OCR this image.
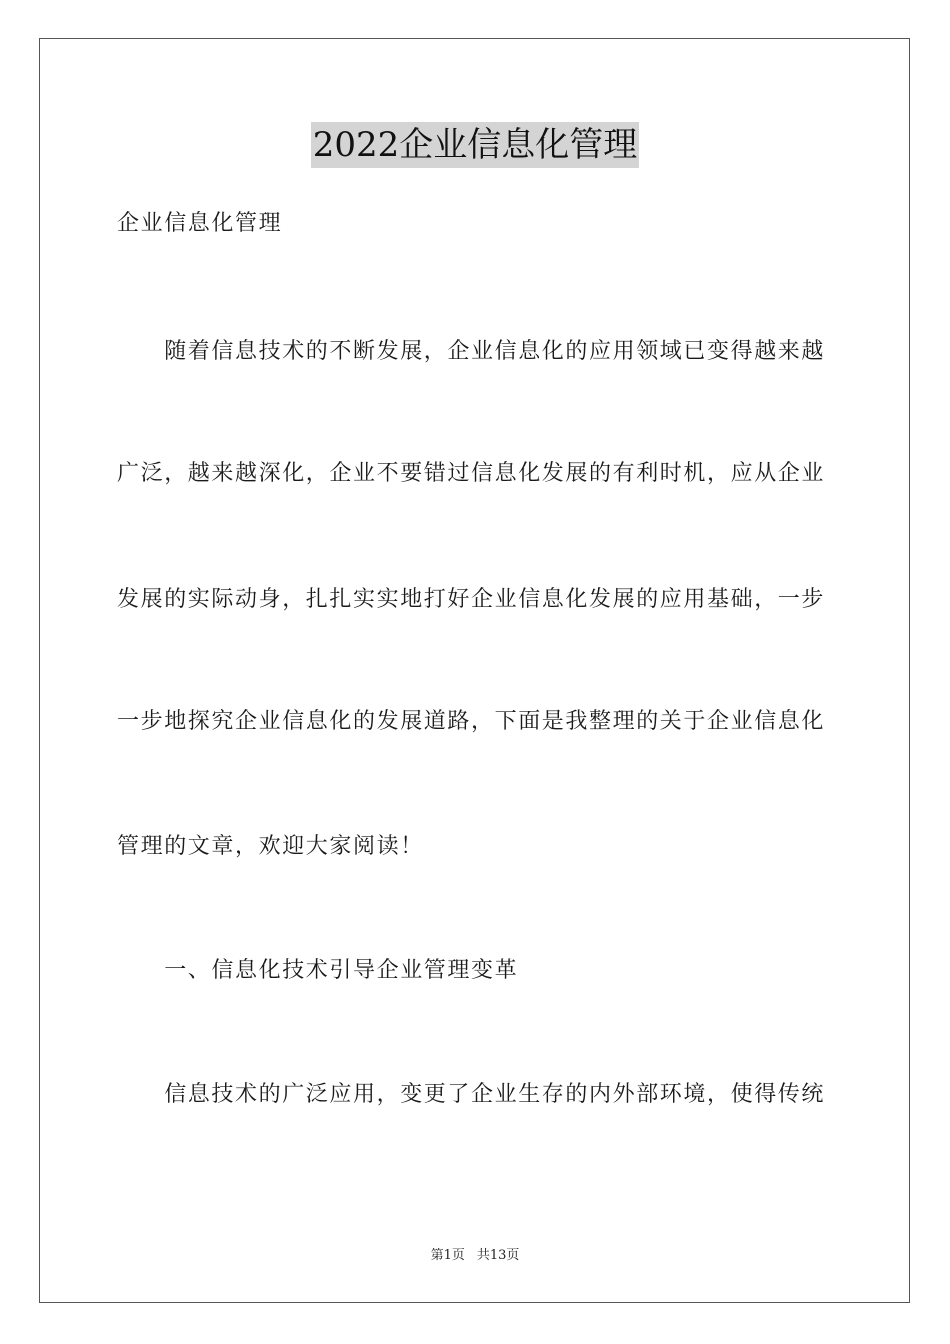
2022企业信息化管理
企业信息化管理
　　随着信息技术的不断发展，企业信息化的应用领域已变得越来越
广泛，越来越深化，企业不要错过信息化发展的有利时机，应从企业
发展的实际动身，扎扎实实地打好企业信息化发展的应用基础，一步
一步地探究企业信息化的发展道路，下面是我整理的关于企业信息化
管理的文章，欢迎大家阅读！
　　一、信息化技术引导企业管理变革
　　信息技术的广泛应用，变更了企业生存的内外部环境，使得传统
第1页 共13页
